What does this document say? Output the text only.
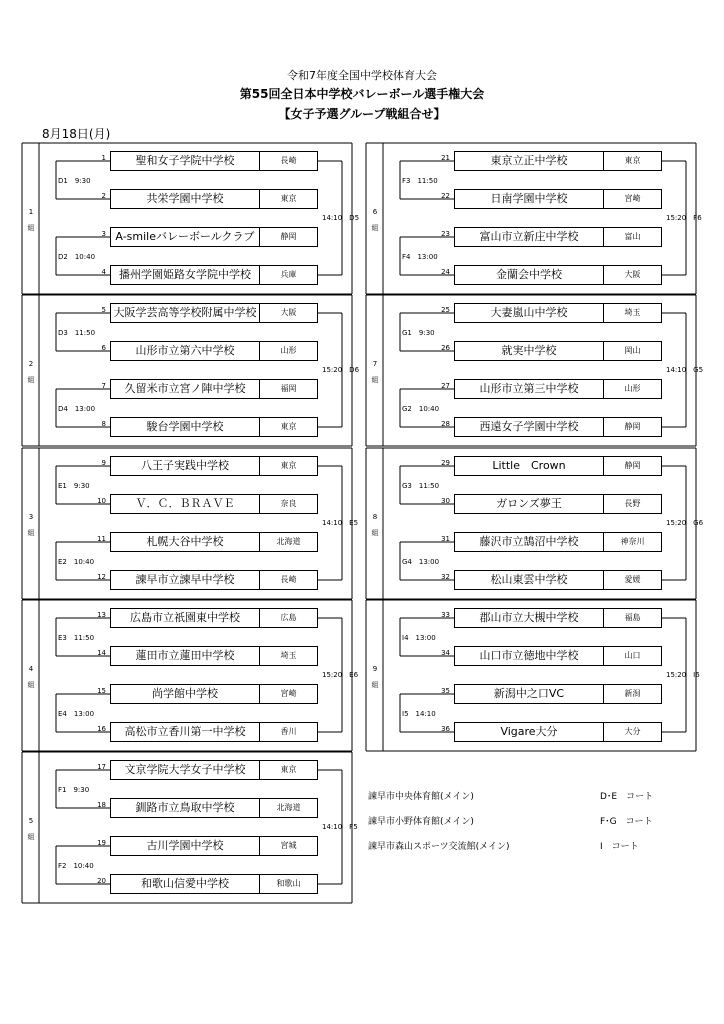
令和7年度全国中学校体育大会
第55回全日本中学校バレーボール選手権大会
【女子予選グループ戦組合せ】
8月18日(月)
1
組
D1　9:30
D2　10:40
14:10　D5
1	聖和女子学院中学校	長崎
2	共栄学園中学校	東京
3 A-smileバレーボールクラブ	静岡
4	播州学園姫路女学院中学校	兵庫
2
組
D3　11:50
D4　13:00
15:20　D6
5 大阪学芸高等学校附属中学校	大阪
6	山形市立第六中学校	山形
7	久留米市立宮ノ陣中学校	福岡
8	駿台学園中学校	東京
3
組
E1　9:30
E2　10:40
14:10　E5
9	八王子実践中学校	東京
10	Ｖ．Ｃ．ＢＲＡＶＥ	奈良
11	札幌大谷中学校	北海道
12	諫早市立諫早中学校	長崎
4
組
E3　11:50
E4　13:00
15:20　E6
13	広島市立祇園東中学校	広島
14	蓮田市立蓮田中学校	埼玉
15	尚学館中学校	宮崎
16	高松市立香川第一中学校	香川
5
組
F1　9:30
F2　10:40
14:10　F5
17	文京学院大学女子中学校	東京
18	釧路市立鳥取中学校	北海道
19	古川学園中学校	宮城
20	和歌山信愛中学校	和歌山
6
組
F3　11:50
F4　13:00
15:20　F6
21	東京立正中学校	東京
22	日南学園中学校	宮崎
23	富山市立新庄中学校	富山
24	金蘭会中学校	大阪
7
組
G1　9:30
G2　10:40
14:10　G5
25	大妻嵐山中学校	埼玉
26	就実中学校	岡山
27	山形市立第三中学校	山形
28	西遠女子学園中学校	静岡
8
組
G3　11:50
G4　13:00
15:20　G6
29	Little　Crown	静岡
30	ガロンズ夢王	長野
31	藤沢市立鵠沼中学校	神奈川
32	松山東雲中学校	愛媛
9
組
I4　13:00
I5　14:10
15:20　I6
33	郡山市立大槻中学校	福島
34	山口市立徳地中学校	山口
35	新潟中之口VC	新潟
36	Vigare大分	大分
諫早市中央体育館(メイン)	D･E　コート
諫早市小野体育館(メイン)	F･G　コート
諫早市森山スポーツ交流館(メイン)	I　コート
